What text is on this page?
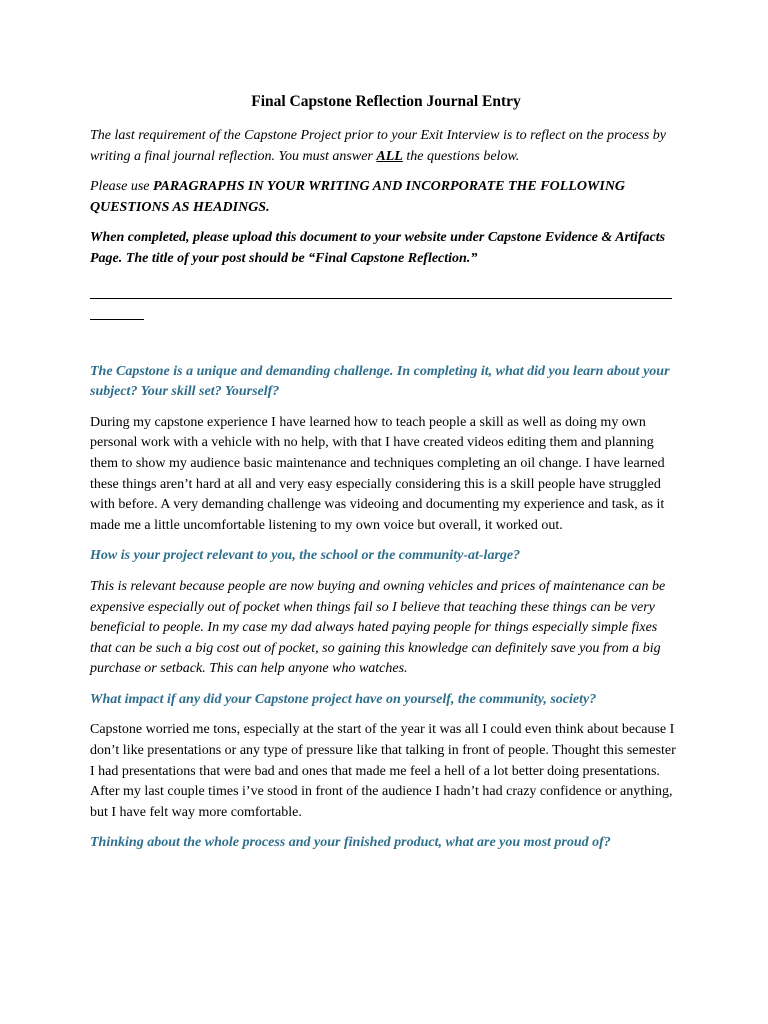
Final Capstone Reflection Journal Entry

The last requirement of the Capstone Project prior to your Exit Interview is to reflect on the process by writing a final journal reflection. You must answer ALL the questions below.

Please use PARAGRAPHS IN YOUR WRITING AND INCORPORATE THE FOLLOWING QUESTIONS AS HEADINGS.

When completed, please upload this document to your website under Capstone Evidence & Artifacts Page. The title of your post should be “Final Capstone Reflection.”

The Capstone is a unique and demanding challenge. In completing it, what did you learn about your subject? Your skill set? Yourself?

During my capstone experience I have learned how to teach people a skill as well as doing my own personal work with a vehicle with no help, with that I have created videos editing them and planning them to show my audience basic maintenance and techniques completing an oil change. I have learned these things aren’t hard at all and very easy especially considering this is a skill people have struggled with before. A very demanding challenge was videoing and documenting my experience and task, as it made me a little uncomfortable listening to my own voice but overall, it worked out.

How is your project relevant to you, the school or the community-at-large?

This is relevant because people are now buying and owning vehicles and prices of maintenance can be expensive especially out of pocket when things fail so I believe that teaching these things can be very beneficial to people. In my case my dad always hated paying people for things especially simple fixes that can be such a big cost out of pocket, so gaining this knowledge can definitely save you from a big purchase or setback. This can help anyone who watches.

What impact if any did your Capstone project have on yourself, the community, society?

Capstone worried me tons, especially at the start of the year it was all I could even think about because I don’t like presentations or any type of pressure like that talking in front of people. Thought this semester I had presentations that were bad and ones that made me feel a hell of a lot better doing presentations. After my last couple times i’ve stood in front of the audience I hadn’t had crazy confidence or anything, but I have felt way more comfortable.

Thinking about the whole process and your finished product, what are you most proud of?
